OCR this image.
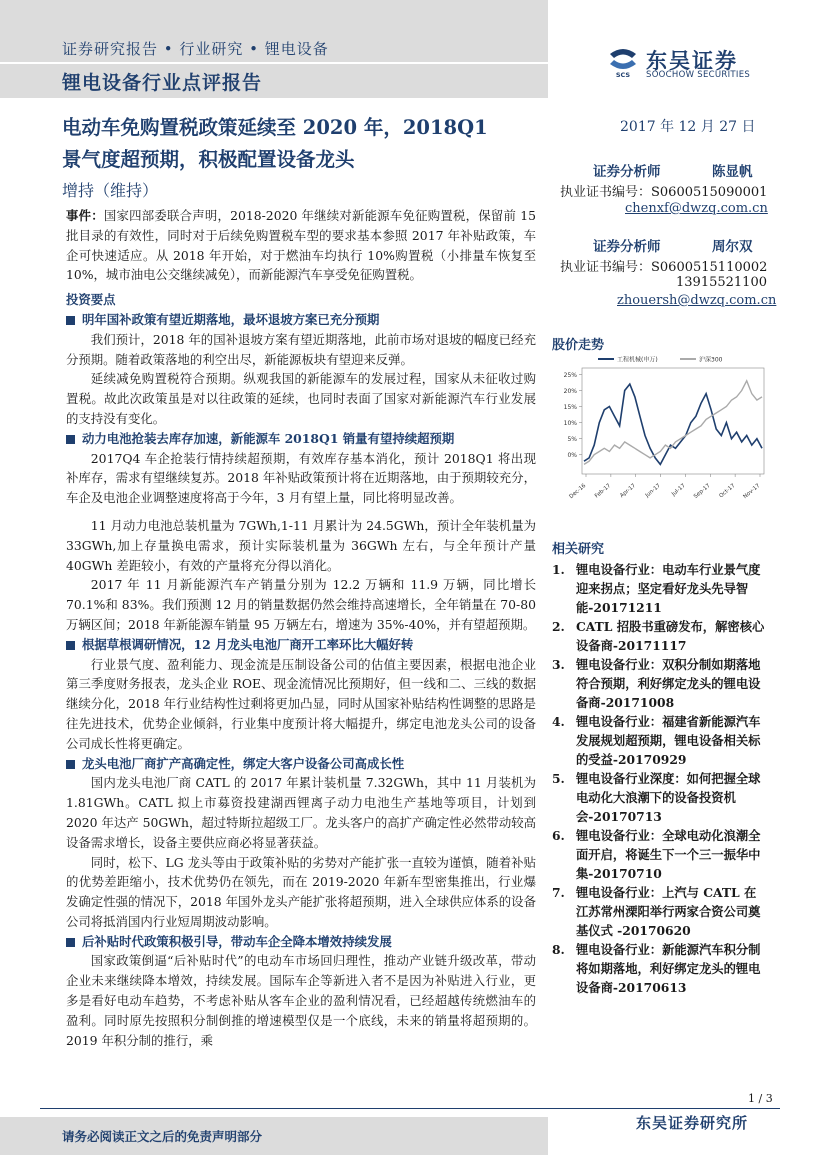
证券研究报告 • 行业研究 • 锂电设备
锂电设备行业点评报告	SCS
东吴证券
SOOCHOW SECURITIES
电动车免购置税政策延续至 2020 年，2018Q1
景气度超预期，积极配置设备龙头
增持（维持）
2017 年 12 月 27 日
证券分析师	陈显帆
执业证书编号：S0600515090001
chenxf@dwzq.com.cn
证券分析师	周尔双
执业证书编号：S0600515110002
13915521100
zhouersh@dwzq.com.cn

事件：国家四部委联合声明，2018-2020 年继续对新能源车免征购置税，保留前 15 批目录的有效性，同时对于后续免购置税车型的要求基本参照 2017 年补贴政策，车企可快速适应。从 2018 年开始，对于燃油车均执行 10%购置税（小排量车恢复至 10%，城市油电公交继续减免），而新能源汽车享受免征购置税。

投资要点
明年国补政策有望近期落地，最坏退坡方案已充分预期

我们预计，2018 年的国补退坡方案有望近期落地，此前市场对退坡的幅度已经充分预期。随着政策落地的利空出尽，新能源板块有望迎来反弹。

延续减免购置税符合预期。纵观我国的新能源车的发展过程，国家从未征收过购置税。故此次政策虽是对以往政策的延续，也同时表面了国家对新能源汽车行业发展的支持没有变化。

动力电池抢装去库存加速，新能源车 2018Q1 销量有望持续超预期

2017Q4 车企抢装行情持续超预期，有效库存基本消化，预计 2018Q1 将出现补库存，需求有望继续复苏。2018 年补贴政策预计将在近期落地，由于预期较充分，车企及电池企业调整速度将高于今年，3 月有望上量，同比将明显改善。

11 月动力电池总装机量为 7GWh,1-11 月累计为 24.5GWh，预计全年装机量为 33GWh,加上存量换电需求，预计实际装机量为 36GWh 左右，与全年预计产量 40GWh 差距较小，有效的产量将充分得以消化。

2017 年 11 月新能源汽车产销量分别为 12.2 万辆和 11.9 万辆，同比增长 70.1%和 83%。我们预测 12 月的销量数据仍然会维持高速增长，全年销量在 70-80 万辆区间；2018 年新能源车销量 95 万辆左右，增速为 35%-40%，并有望超预期。

根据草根调研情况，12 月龙头电池厂商开工率环比大幅好转

行业景气度、盈利能力、现金流是压制设备公司的估值主要因素，根据电池企业第三季度财务报表，龙头企业 ROE、现金流情况比预期好，但一线和二、三线的数据继续分化，2018 年行业结构性过剩将更加凸显，同时从国家补贴结构性调整的思路是往先进技术，优势企业倾斜，行业集中度预计将大幅提升，绑定电池龙头公司的设备公司成长性将更确定。

龙头电池厂商扩产高确定性，绑定大客户设备公司高成长性

国内龙头电池厂商 CATL 的 2017 年累计装机量 7.32GWh，其中 11 月装机为 1.81GWh。CATL 拟上市募资投建湖西锂离子动力电池生产基地等项目，计划到 2020 年达产 50GWh，超过特斯拉超级工厂。龙头客户的高扩产确定性必然带动较高设备需求增长，设备主要供应商必将显著获益。

同时，松下、LG 龙头等由于政策补贴的劣势对产能扩张一直较为谨慎，随着补贴的优势差距缩小，技术优势仍在领先，而在 2019-2020 年新车型密集推出，行业爆发确定性强的情况下，2018 年国外龙头产能扩张将超预期，进入全球供应体系的设备公司将抵消国内行业短周期波动影响。

后补贴时代政策积极引导，带动车企全降本增效持续发展

国家政策倒逼“后补贴时代”的电动车市场回归理性，推动产业链升级改革，带动企业未来继续降本增效，持续发展。国际车企等新进入者不是因为补贴进入行业，更多是看好电动车趋势，不考虑补贴从客车企业的盈利情况看，已经超越传统燃油车的盈利。同时原先按照积分制倒推的增速模型仅是一个底线，未来的销量将超预期的。2019 年积分制的推行，乘

股价走势
0%
5%
10%
15%
20%
25%
Dec-16 Feb-17 Apr-17 Jun-17 Jul-17 Sep-17 Oct-17 Nov-17
工程机械(申万)	沪深300
相关研究
1. 锂电设备行业：电动车行业景气度迎来拐点；坚定看好龙头先导智能-20171211
2. CATL 招股书重磅发布，解密核心设备商-20171117
3. 锂电设备行业：双积分制如期落地符合预期，利好绑定龙头的锂电设备商-20171008
4. 锂电设备行业：福建省新能源汽车发展规划超预期，锂电设备相关标的受益-20170929
5. 锂电设备行业深度：如何把握全球电动化大浪潮下的设备投资机会-20170713
6. 锂电设备行业：全球电动化浪潮全面开启，将诞生下一个三一振华中集-20170710
7. 锂电设备行业：上汽与 CATL 在江苏常州溧阳举行两家合资公司奠基仪式 -20170620
8. 锂电设备行业：新能源汽车积分制将如期落地，利好绑定龙头的锂电设备商-20170613
1 / 3
请务必阅读正文之后的免责声明部分
东吴证券研究所
